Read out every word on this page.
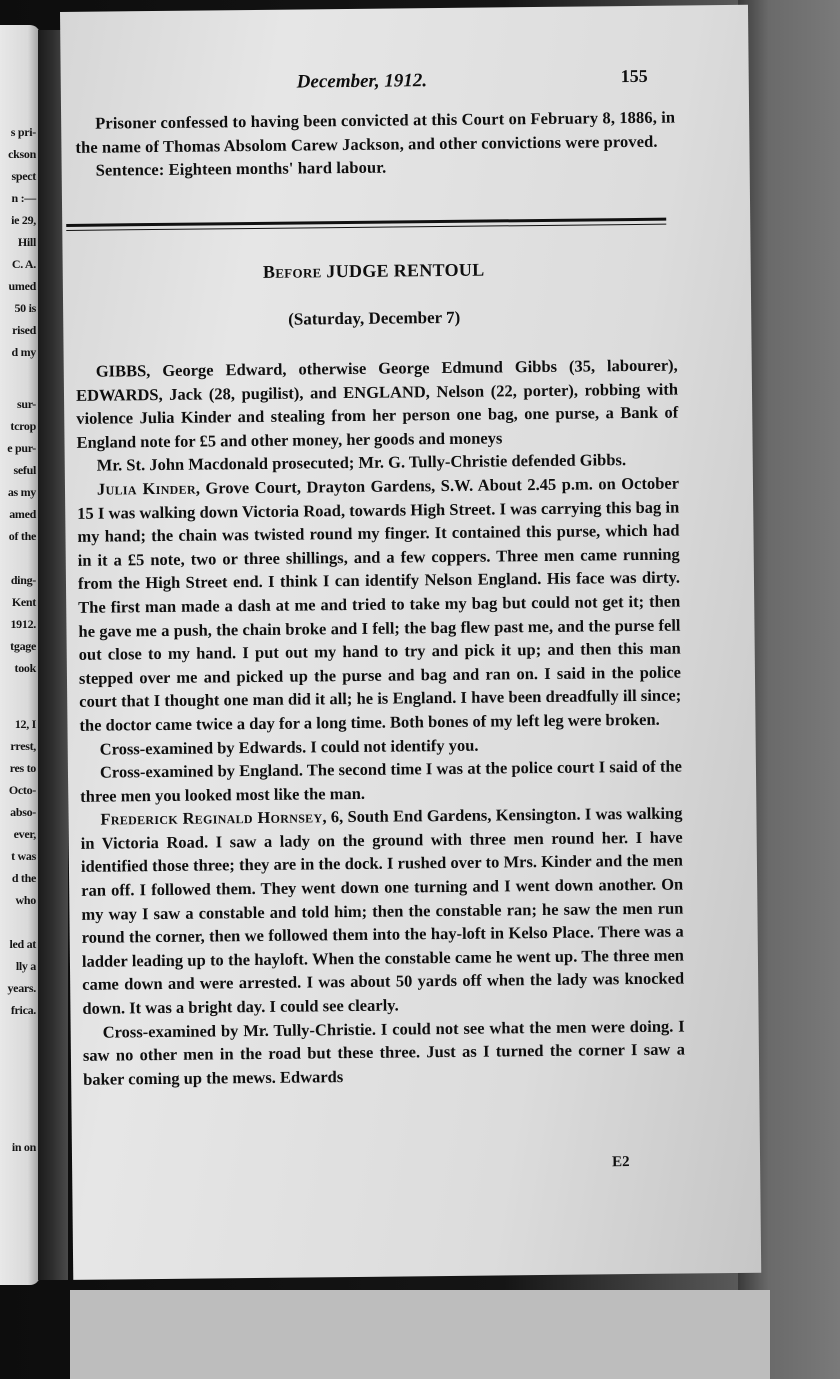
s pri-
ckson
spect
n :—
ie 29,
Hill
C. A.
umed
50 is
rised
d my
sur-
tcrop
e pur-
seful
as my
amed
of the
ding-
Kent
1912.
tgage
took
12, I
rrest,
res to
Octo-
abso-
ever,
t was
d the
who
led at
lly a
years.
frica.
in on
December, 1912.	155

Prisoner confessed to having been convicted at this Court on February 8, 1886, in the name of Thomas Absolom Carew Jackson, and other convictions were proved.

Sentence: Eighteen months' hard labour.

Before JUDGE RENTOUL
(Saturday, December 7)

GIBBS, George Edward, otherwise George Edmund Gibbs (35, labourer), EDWARDS, Jack (28, pugilist), and ENGLAND, Nelson (22, porter), robbing with violence Julia Kinder and stealing from her person one bag, one purse, a Bank of England note for £5 and other money, her goods and moneys

Mr. St. John Macdonald prosecuted; Mr. G. Tully-Christie defended Gibbs.

Julia Kinder, Grove Court, Drayton Gardens, S.W. About 2.45 p.m. on October 15 I was walking down Victoria Road, towards High Street. I was carrying this bag in my hand; the chain was twisted round my finger. It contained this purse, which had in it a £5 note, two or three shillings, and a few coppers. Three men came running from the High Street end. I think I can identify Nelson England. His face was dirty. The first man made a dash at me and tried to take my bag but could not get it; then he gave me a push, the chain broke and I fell; the bag flew past me, and the purse fell out close to my hand. I put out my hand to try and pick it up; and then this man stepped over me and picked up the purse and bag and ran on. I said in the police court that I thought one man did it all; he is England. I have been dreadfully ill since; the doctor came twice a day for a long time. Both bones of my left leg were broken.

Cross-examined by Edwards. I could not identify you.

Cross-examined by England. The second time I was at the police court I said of the three men you looked most like the man.

Frederick Reginald Hornsey, 6, South End Gardens, Kensington. I was walking in Victoria Road. I saw a lady on the ground with three men round her. I have identified those three; they are in the dock. I rushed over to Mrs. Kinder and the men ran off. I followed them. They went down one turning and I went down another. On my way I saw a constable and told him; then the constable ran; he saw the men run round the corner, then we followed them into the hay-loft in Kelso Place. There was a ladder leading up to the hayloft. When the constable came he went up. The three men came down and were arrested. I was about 50 yards off when the lady was knocked down. It was a bright day. I could see clearly.

Cross-examined by Mr. Tully-Christie. I could not see what the men were doing. I saw no other men in the road but these three. Just as I turned the corner I saw a baker coming up the mews. Edwards

E2
